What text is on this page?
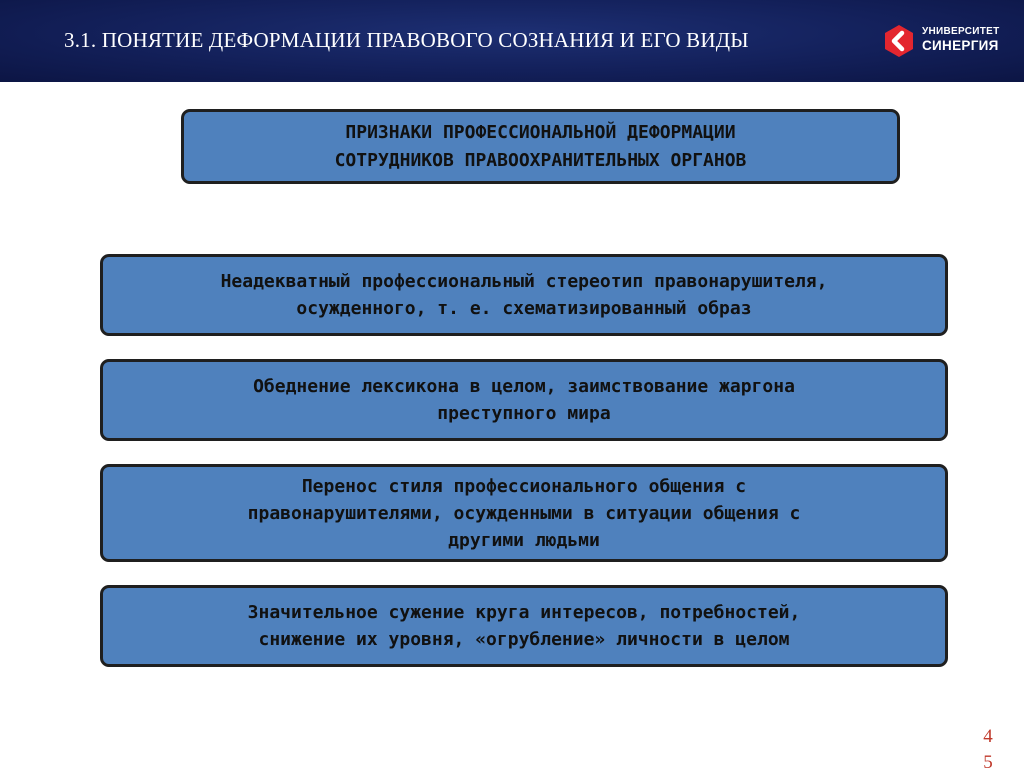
3.1. ПОНЯТИЕ ДЕФОРМАЦИИ ПРАВОВОГО СОЗНАНИЯ И ЕГО ВИДЫ	УНИВЕРСИТЕТ
СИНЕРГИЯ
ПРИЗНАКИ ПРОФЕССИОНАЛЬНОЙ ДЕФОРМАЦИИ
СОТРУДНИКОВ ПРАВООХРАНИТЕЛЬНЫХ ОРГАНОВ
Неадекватный профессиональный стереотип правонарушителя,
осужденного, т. е. схематизированный образ
Обеднение лексикона в целом, заимствование жаргона
преступного мира
Перенос стиля профессионального общения с
правонарушителями, осужденными в ситуации общения с
другими людьми
Значительное сужение круга интересов, потребностей,
снижение их уровня, «огрубление» личности в целом
4
5
